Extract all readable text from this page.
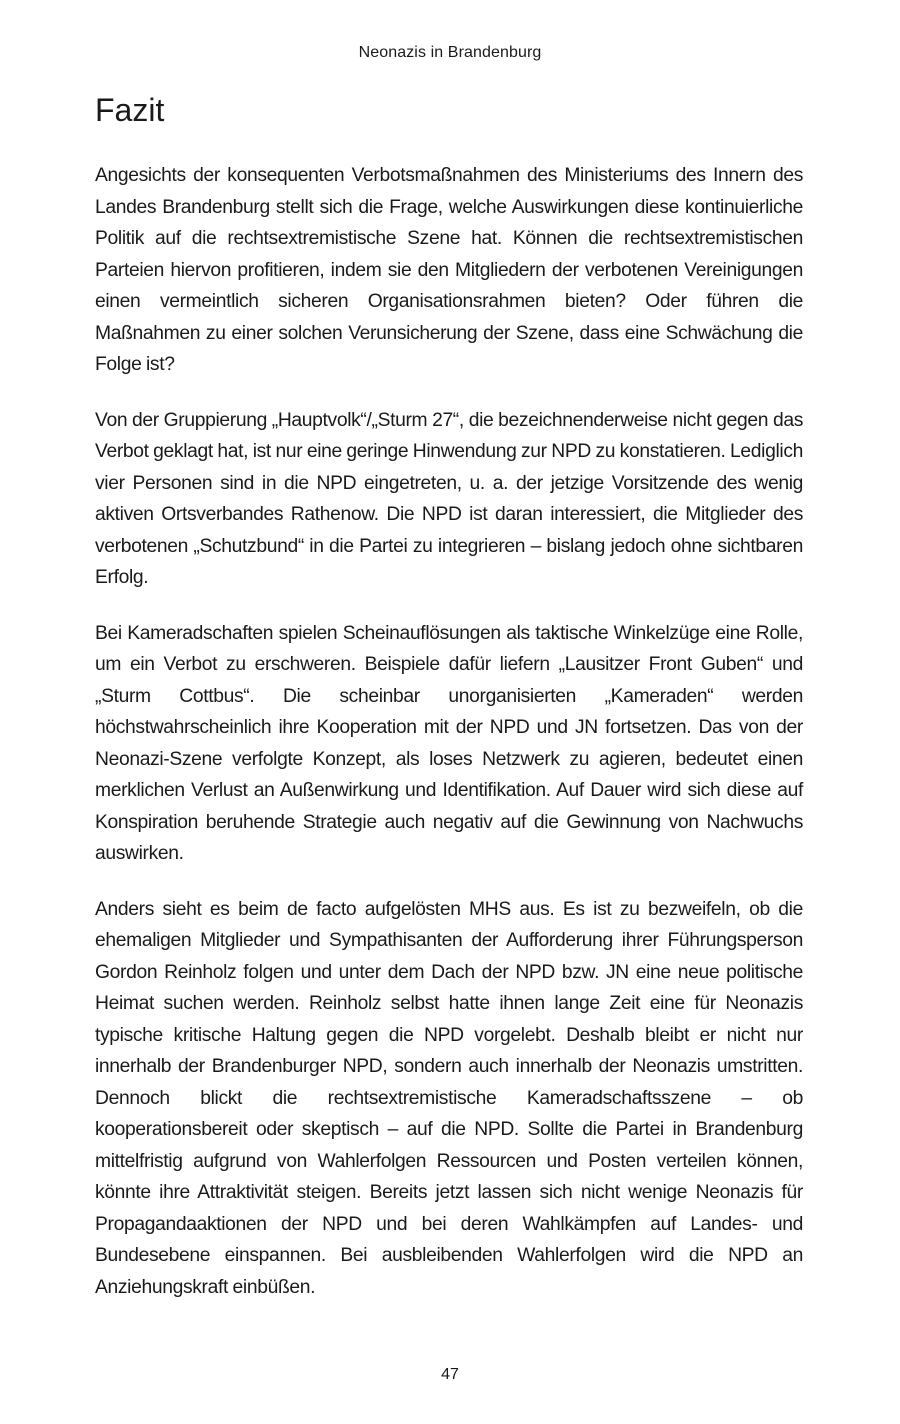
Neonazis in Brandenburg
Fazit

Angesichts der konsequenten Verbotsmaßnahmen des Ministeriums des Innern des Landes Brandenburg stellt sich die Frage, welche Auswirkungen diese kontinuierliche Politik auf die rechtsextremistische Szene hat. Können die rechtsextremistischen Parteien hiervon profitieren, indem sie den Mitgliedern der verbotenen Vereinigungen einen vermeintlich sicheren Organisationsrahmen bieten? Oder führen die Maßnahmen zu einer solchen Verunsicherung der Szene, dass eine Schwächung die Folge ist?

Von der Gruppierung „Hauptvolk“/„Sturm 27“, die bezeichnenderweise nicht gegen das Verbot geklagt hat, ist nur eine geringe Hinwendung zur NPD zu konstatieren. Lediglich vier Personen sind in die NPD eingetreten, u. a. der jetzige Vorsitzende des wenig aktiven Ortsverbandes Rathenow. Die NPD ist daran interessiert, die Mitglieder des verbotenen „Schutzbund“ in die Partei zu integrieren – bislang jedoch ohne sichtbaren Erfolg.

Bei Kameradschaften spielen Scheinauflösungen als taktische Winkelzüge eine Rolle, um ein Verbot zu erschweren. Beispiele dafür liefern „Lausitzer Front Guben“ und „Sturm Cottbus“. Die scheinbar unorganisierten „Kameraden“ werden höchstwahrscheinlich ihre Kooperation mit der NPD und JN fortsetzen. Das von der Neonazi-Szene verfolgte Konzept, als loses Netzwerk zu agieren, bedeutet einen merklichen Verlust an Außenwirkung und Identifikation. Auf Dauer wird sich diese auf Konspiration beruhende Strategie auch negativ auf die Gewinnung von Nachwuchs auswirken.

Anders sieht es beim de facto aufgelösten MHS aus. Es ist zu bezweifeln, ob die ehemaligen Mitglieder und Sympathisanten der Aufforderung ihrer Führungsperson Gordon Reinholz folgen und unter dem Dach der NPD bzw. JN eine neue politische Heimat suchen werden. Reinholz selbst hatte ihnen lange Zeit eine für Neonazis typische kritische Haltung gegen die NPD vorgelebt. Deshalb bleibt er nicht nur innerhalb der Brandenburger NPD, sondern auch innerhalb der Neonazis umstritten. Dennoch blickt die rechtsextremistische Kameradschaftsszene – ob kooperationsbereit oder skeptisch – auf die NPD. Sollte die Partei in Brandenburg mittelfristig aufgrund von Wahlerfolgen Ressourcen und Posten verteilen können, könnte ihre Attraktivität steigen. Bereits jetzt lassen sich nicht wenige Neonazis für Propagandaaktionen der NPD und bei deren Wahlkämpfen auf Landes- und Bundesebene einspannen. Bei ausbleibenden Wahlerfolgen wird die NPD an Anziehungskraft einbüßen.

47
